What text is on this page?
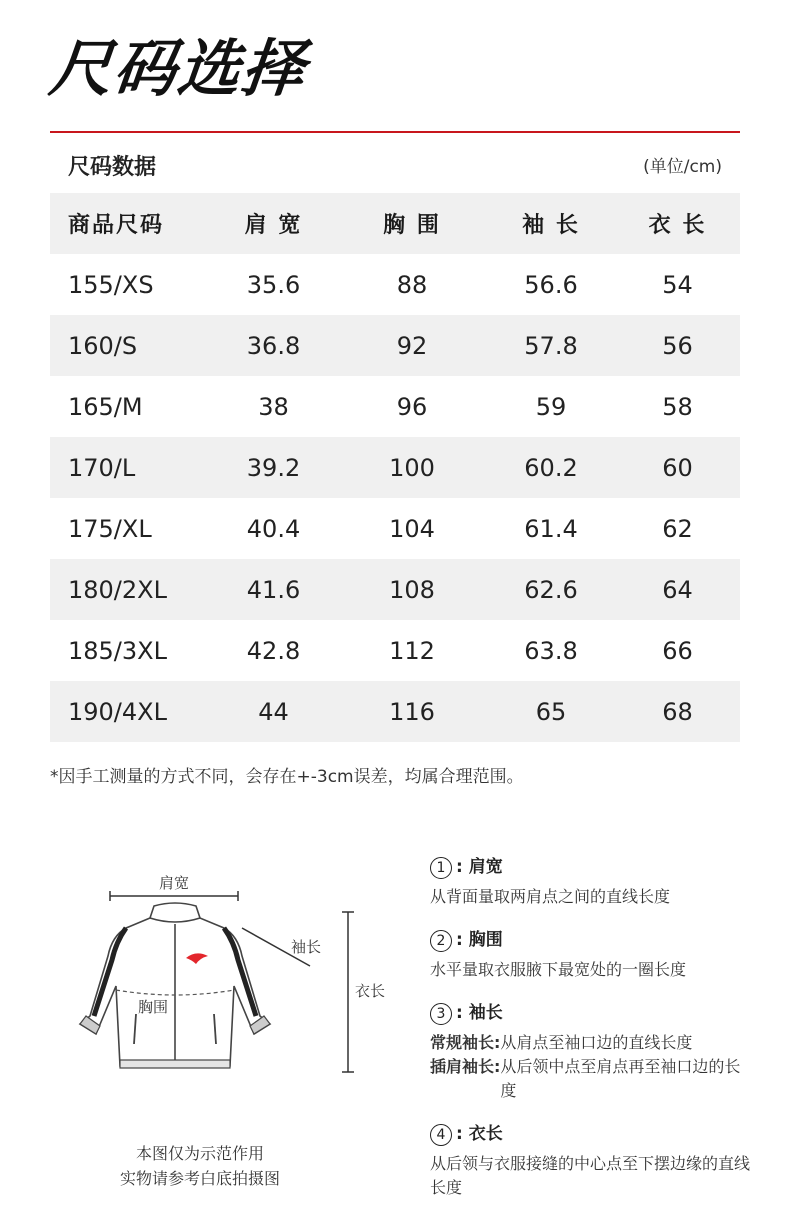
尺码选择
尺码数据	(单位/cm)
商品尺码	肩 宽	胸 围	袖 长	衣 长
155/XS	35.6	88	56.6	54
160/S	36.8	92	57.8	56
165/M	38	96	59	58
170/L	39.2	100	60.2	60
175/XL	40.4	104	61.4	62
180/2XL	41.6	108	62.6	64
185/3XL	42.8	112	63.8	66
190/4XL	44	116	65	68
*因手工测量的方式不同，会存在+-3cm误差，均属合理范围。
肩宽
胸围
袖长
衣长
本图仅为示范作用
实物请参考白底拍摄图
1 : 肩宽
从背面量取两肩点之间的直线长度
2 : 胸围
水平量取衣服腋下最宽处的一圈长度
3 : 袖长
常规袖长: 从肩点至袖口边的直线长度
插肩袖长: 从后领中点至肩点再至袖口边的长度
4 : 衣长
从后领与衣服接缝的中心点至下摆边缘的直线长度
